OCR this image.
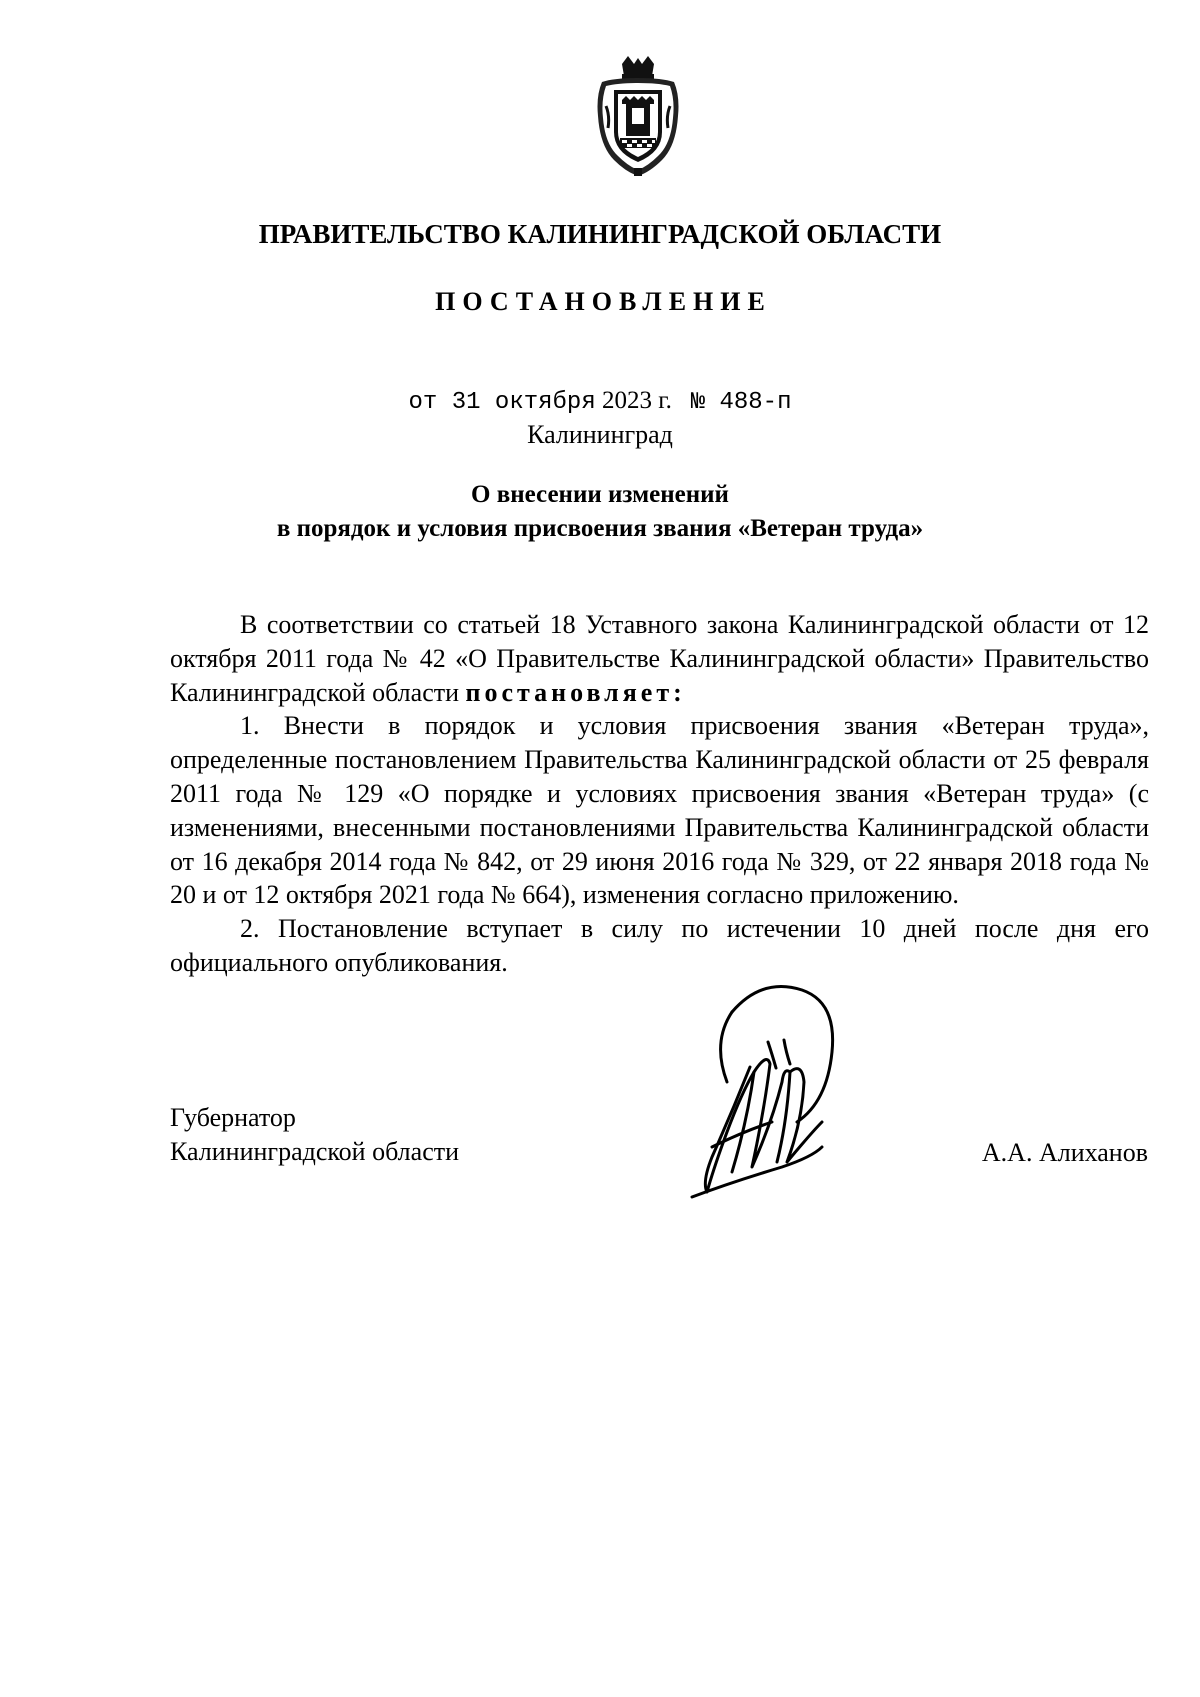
ПРАВИТЕЛЬСТВО КАЛИНИНГРАДСКОЙ ОБЛАСТИ
ПОСТАНОВЛЕНИЕ
от 31 октября 2023 г. № 488-п
Калининград
О внесении изменений
в порядок и условия присвоения звания «Ветеран труда»

В соответствии со статьей 18 Уставного закона Калининградской области от 12 октября 2011 года № 42 «О Правительстве Калининградской области» Правительство Калининградской области постановляет:

1. Внести в порядок и условия присвоения звания «Ветеран труда», определенные постановлением Правительства Калининградской области от 25 февраля 2011 года № 129 «О порядке и условиях присвоения звания «Ветеран труда» (с изменениями, внесенными постановлениями Правительства Калининградской области от 16 декабря 2014 года № 842, от 29 июня 2016 года № 329, от 22 января 2018 года № 20 и от 12 октября 2021 года № 664), изменения согласно приложению.

2. Постановление вступает в силу по истечении 10 дней после дня его официального опубликования.

Губернатор
Калининградской области	А.А. Алиханов
